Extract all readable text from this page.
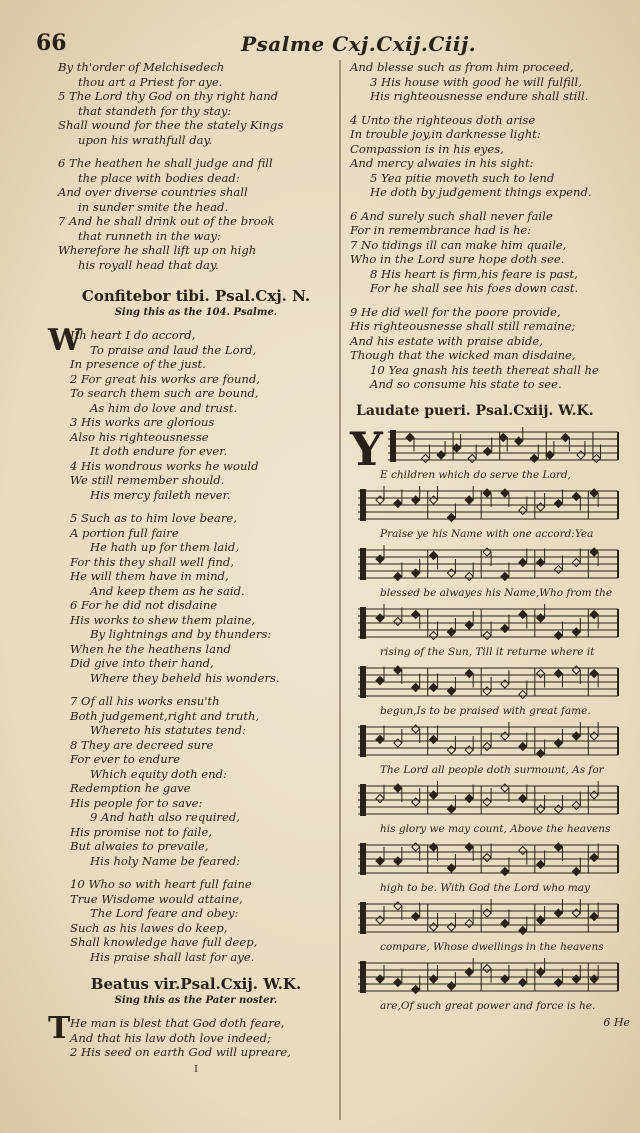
66	Psalme Cxj.Cxij.Ciij.
By th'order of Melchisedech
thou art a Priest for aye.
5 The Lord thy God on thy right hand
that standeth for thy stay:
Shall wound for thee the stately Kings
upon his wrathfull day.
6 The heathen he shall judge and fill
the place with bodies dead:
And over diverse countries shall
in sunder smite the head.
7 And he shall drink out of the brook
that runneth in the way:
Wherefore he shall lift up on high
his royall head that day.
Confitebor tibi. Psal.Cxj. N.
Sing this as the 104. Psalme.
W
Ith heart I do accord,
To praise and laud the Lord,
In presence of the just.
2 For great his works are found,
To search them such are bound,
As him do love and trust.
3 His works are glorious
Also his righteousnesse
It doth endure for ever.
4 His wondrous works he would
We still remember should.
His mercy faileth never.
5 Such as to him love beare,
A portion full faire
He hath up for them laid,
For this they shall well find,
He will them have in mind,
And keep them as he said.
6 For he did not disdaine
His works to shew them plaine,
By lightnings and by thunders:
When he the heathens land
Did give into their hand,
Where they beheld his wonders.
7 Of all his works ensu'th
Both judgement,right and truth,
Whereto his statutes tend:
8 They are decreed sure
For ever to endure
Which equity doth end:
Redemption he gave
His people for to save:
9 And hath also required,
His promise not to faile,
But alwaies to prevaile,
His holy Name be feared:
10 Who so with heart full faine
True Wisdome would attaine,
The Lord feare and obey:
Such as his lawes do keep,
Shall knowledge have full deep,
His praise shall last for aye.
Beatus vir.Psal.Cxij. W.K.
Sing this as the Pater noster.
T He man is blest that God doth feare,
And that his law doth love indeed;
2 His seed on earth God will upreare,
I
And blesse such as from him proceed,
3 His house with good he will fulfill,
His righteousnesse endure shall still.
4 Unto the righteous doth arise
In trouble joy,in darknesse light:
Compassion is in his eyes,
And mercy alwaies in his sight:
5 Yea pitie moveth such to lend
He doth by judgement things expend.
6 And surely such shall never faile
For in remembrance had is he:
7 No tidings ill can make him quaile,
Who in the Lord sure hope doth see.
8 His heart is firm,his feare is past,
For he shall see his foes down cast.
9 He did well for the poore provide,
His righteousnesse shall still remaine;
And his estate with praise abide,
Though that the wicked man disdaine,
10 Yea gnash his teeth thereat shall he
And so consume his state to see.
Laudate pueri. Psal.Cxiij. W.K.
Y
E children which do serve the Lord,
Praise ye his Name with one accord:Yea
blessed be alwayes his Name,Who from the
rising of the Sun, Till it returne where it
begun,Is to be praised with great fame.
The Lord all people doth surmount, As for
his glory we may count, Above the heavens
high to be. With God the Lord who may
compare, Whose dwellings in the heavens
are,Of such great power and force is he.
6 He
